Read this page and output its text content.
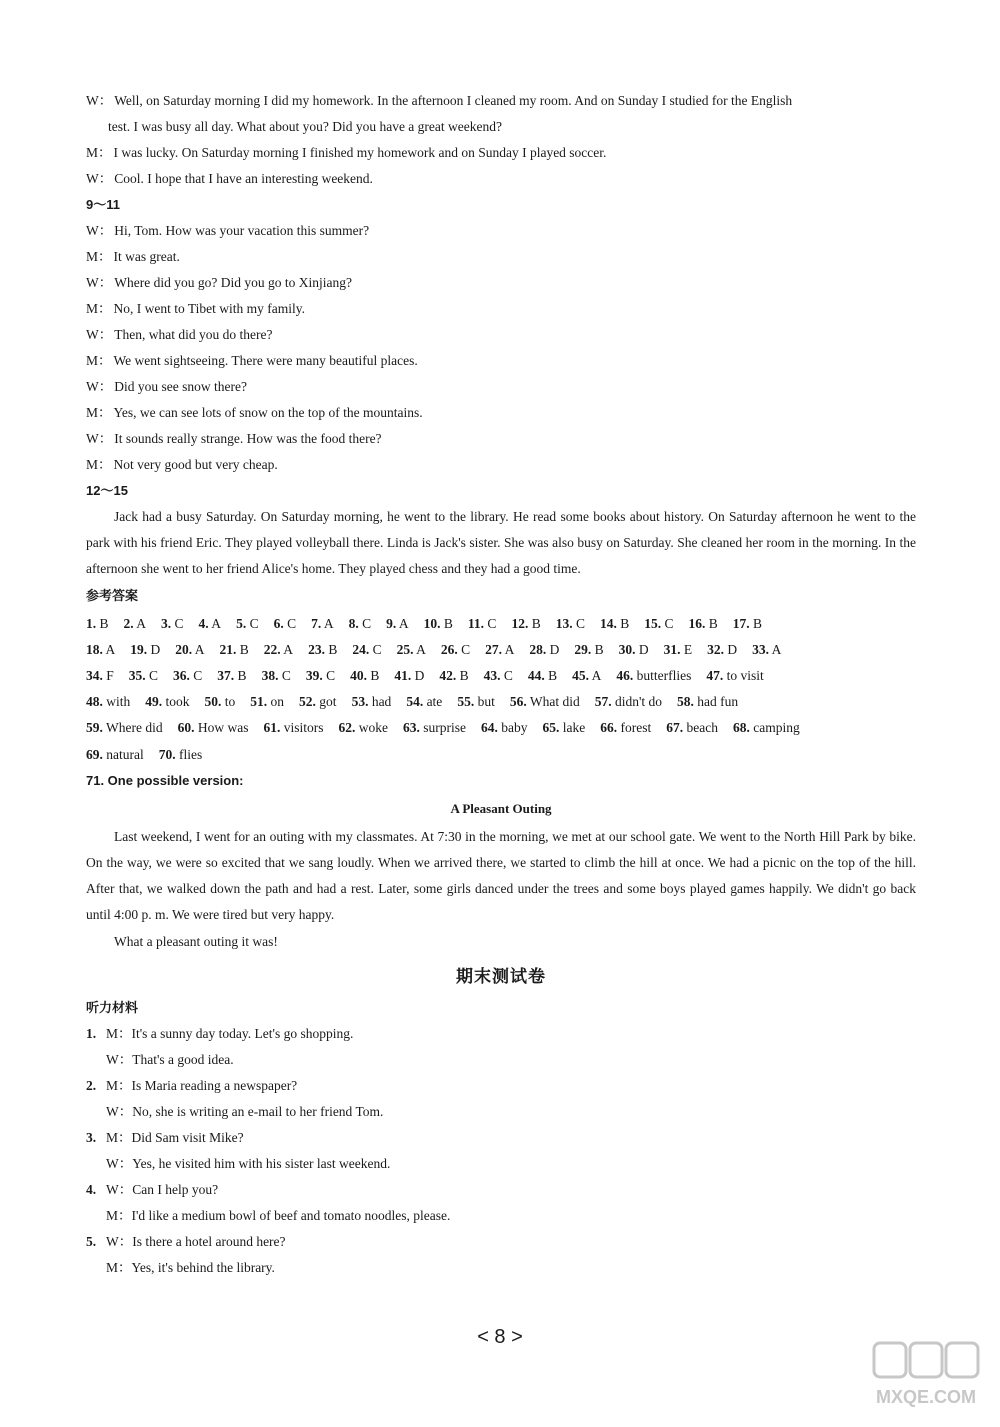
W： Well, on Saturday morning I did my homework. In the afternoon I cleaned my room. And on Sunday I studied for the English
test. I was busy all day. What about you? Did you have a great weekend?
M： I was lucky. On Saturday morning I finished my homework and on Sunday I played soccer.
W： Cool. I hope that I have an interesting weekend.
9～11
W： Hi, Tom. How was your vacation this summer?
M： It was great.
W： Where did you go? Did you go to Xinjiang?
M： No, I went to Tibet with my family.
W： Then, what did you do there?
M： We went sightseeing. There were many beautiful places.
W： Did you see snow there?
M： Yes, we can see lots of snow on the top of the mountains.
W： It sounds really strange. How was the food there?
M： Not very good but very cheap.
12～15

Jack had a busy Saturday. On Saturday morning, he went to the library. He read some books about history. On Saturday afternoon he went to the park with his friend Eric. They played volleyball there. Linda is Jack's sister. She was also busy on Saturday. She cleaned her room in the morning. In the afternoon she went to her friend Alice's home. They played chess and they had a good time.

参考答案
1. B 2. A 3. C 4. A 5. C 6. C 7. A 8. C 9. A 10. B 11. C 12. B 13. C 14. B 15. C 16. B 17. B
18. A 19. D 20. A 21. B 22. A 23. B 24. C 25. A 26. C 27. A 28. D 29. B 30. D 31. E 32. D 33. A
34. F 35. C 36. C 37. B 38. C 39. C 40. B 41. D 42. B 43. C 44. B 45. A 46. butterflies 47. to visit
48. with 49. took 50. to 51. on 52. got 53. had 54. ate 55. but 56. What did 57. didn't do 58. had fun
59. Where did 60. How was 61. visitors 62. woke 63. surprise 64. baby 65. lake 66. forest 67. beach 68. camping
69. natural 70. flies
71. One possible version:
A Pleasant Outing

Last weekend, I went for an outing with my classmates. At 7:30 in the morning, we met at our school gate. We went to the North Hill Park by bike. On the way, we were so excited that we sang loudly. When we arrived there, we started to climb the hill at once. We had a picnic on the top of the hill. After that, we walked down the path and had a rest. Later, some girls danced under the trees and some boys played games happily. We didn't go back until 4:00 p. m. We were tired but very happy.

What a pleasant outing it was!

期末测试卷
听力材料
1. M：It's a sunny day today. Let's go shopping.
W：That's a good idea.
2. M：Is Maria reading a newspaper?
W：No, she is writing an e-mail to her friend Tom.
3. M：Did Sam visit Mike?
W：Yes, he visited him with his sister last weekend.
4. W：Can I help you?
M：I'd like a medium bowl of beef and tomato noodles, please.
5. W：Is there a hotel around here?
M：Yes, it's behind the library.
< 8 >
MXQE.COM
